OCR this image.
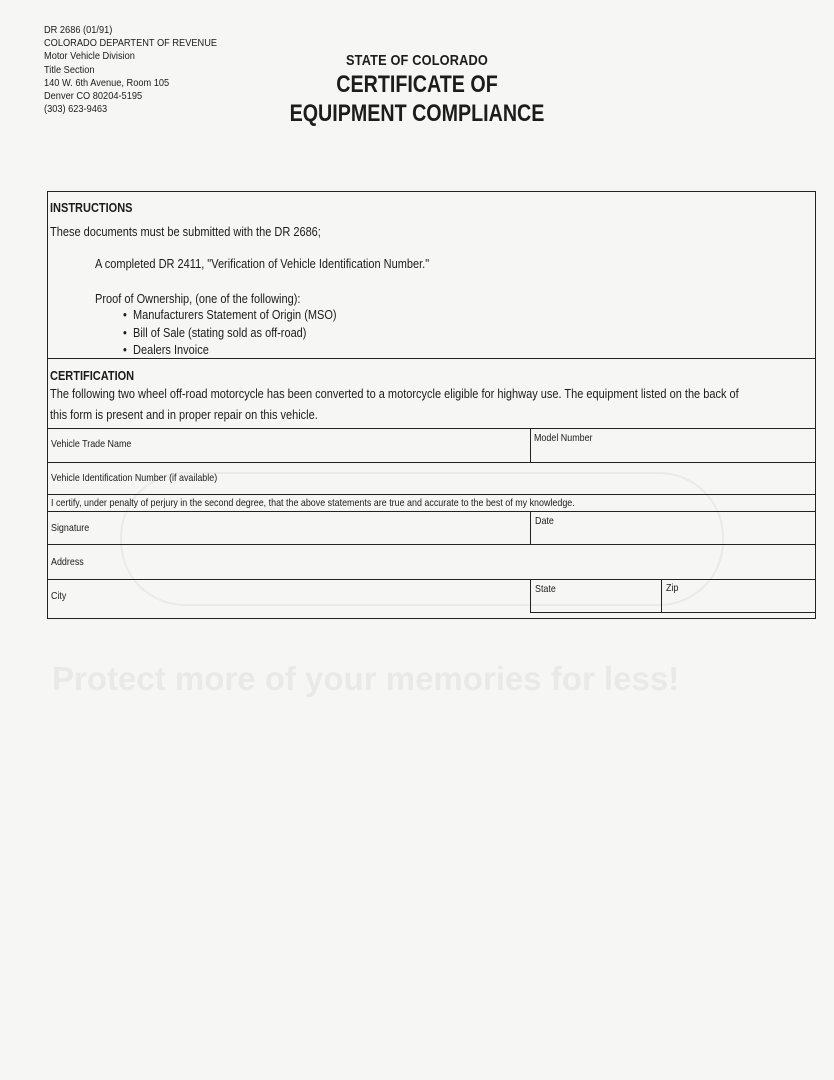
DR 2686 (01/91)
COLORADO DEPARTENT OF REVENUE
Motor Vehicle Division
Title Section
140 W. 6th Avenue, Room 105
Denver CO 80204-5195
(303) 623-9463
STATE OF COLORADO
CERTIFICATE OF
EQUIPMENT COMPLIANCE
Protect more of your memories for less!
INSTRUCTIONS
These documents must be submitted with the DR 2686;
A completed DR 2411, "Verification of Vehicle Identification Number."
Proof of Ownership, (one of the following):
• Manufacturers Statement of Origin (MSO)
• Bill of Sale (stating sold as off-road)
• Dealers Invoice
CERTIFICATION
The following two wheel off-road motorcycle has been converted to a motorcycle eligible for highway use. The equipment listed on the back of
this form is present and in proper repair on this vehicle.
Vehicle Trade Name	Model Number
Vehicle Identification Number (if available)
I certify, under penalty of perjury in the second degree, that the above statements are true and accurate to the best of my knowledge.
Signature
Date
Address
City
State	Zip
